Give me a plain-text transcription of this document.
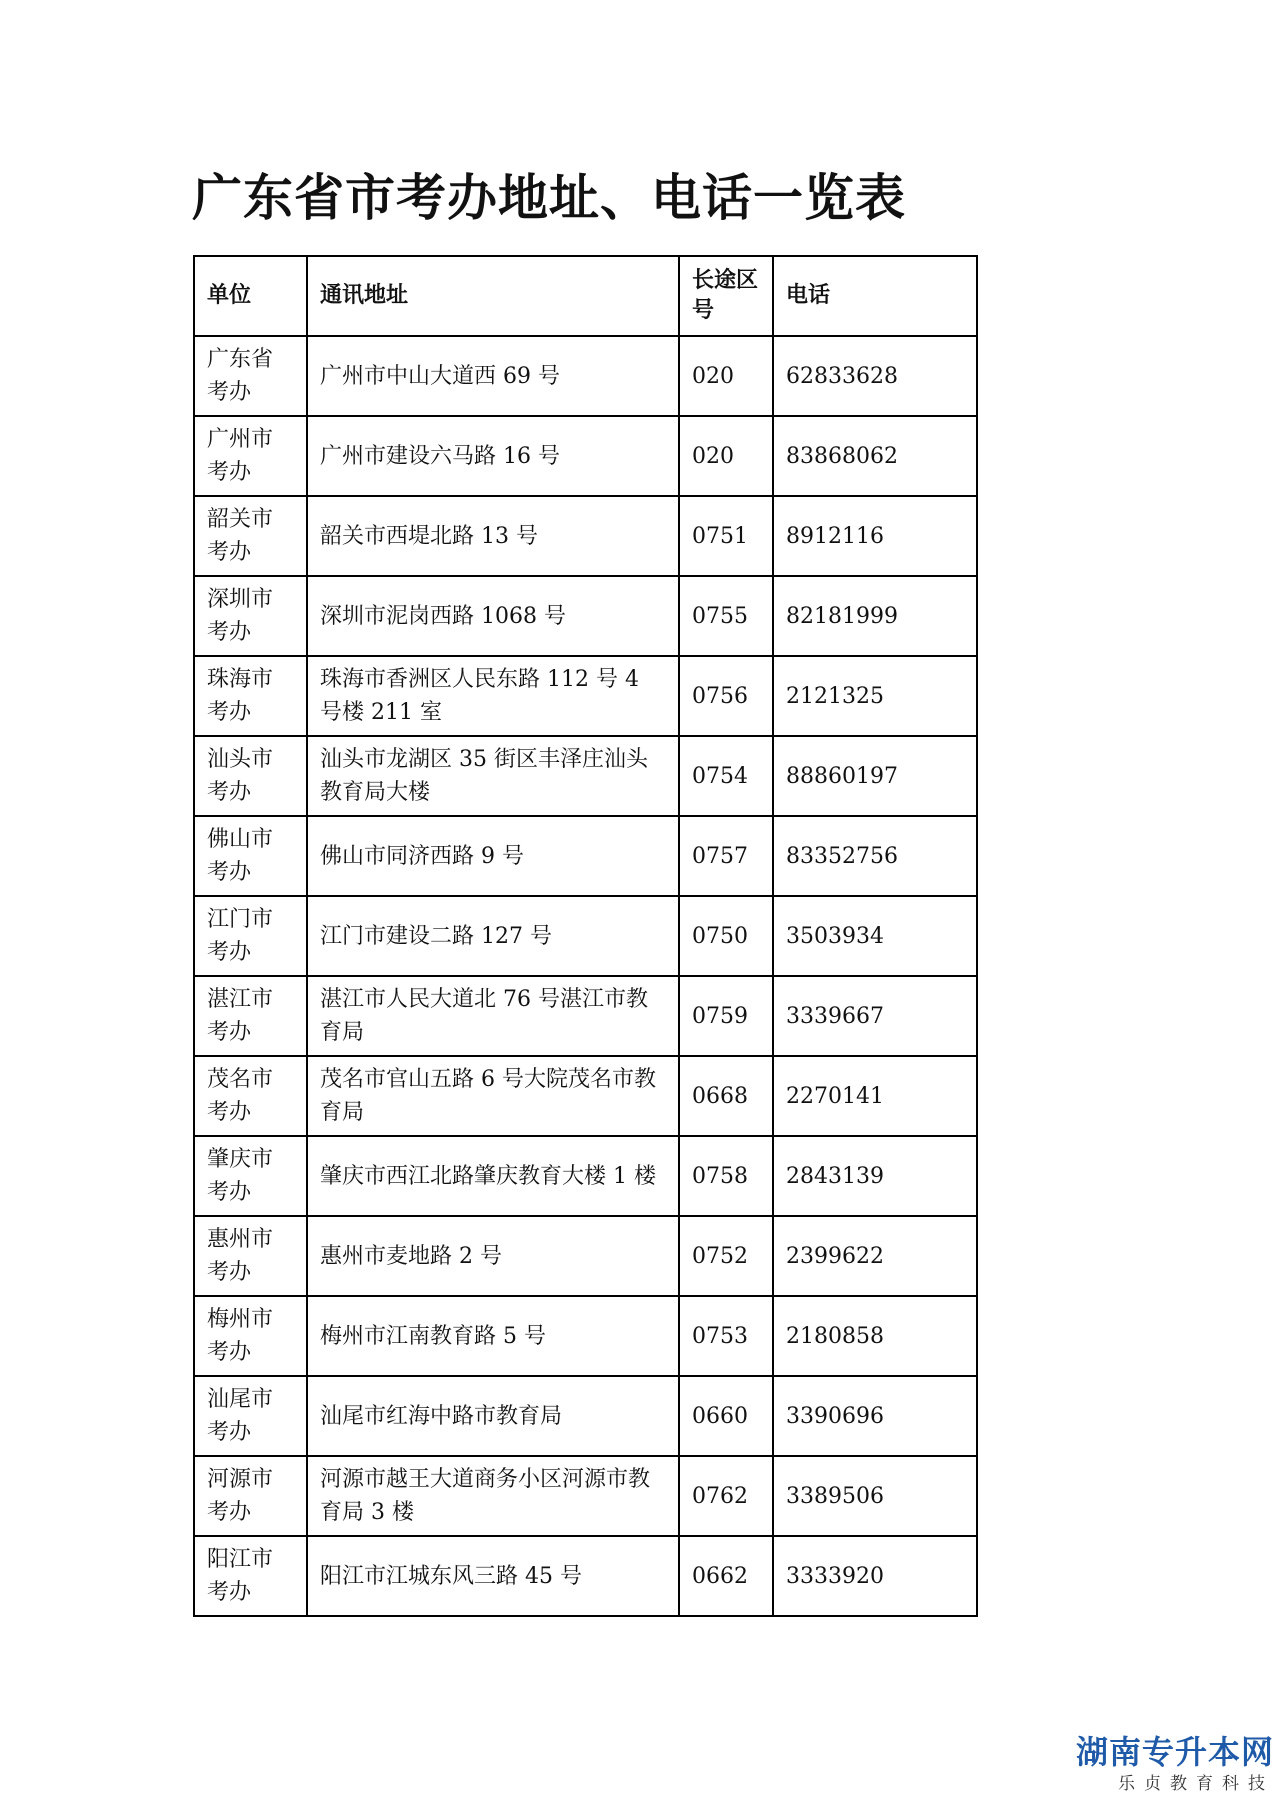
广东省市考办地址、电话一览表
单位	通讯地址	长途区号	电话
广东省考办	广州市中山大道西 69 号	020	62833628
广州市考办	广州市建设六马路 16 号	020	83868062
韶关市考办	韶关市西堤北路 13 号	0751	8912116
深圳市考办	深圳市泥岗西路 1068 号	0755	82181999
珠海市考办	珠海市香洲区人民东路 112 号 4 号楼 211 室	0756	2121325
汕头市考办	汕头市龙湖区 35 街区丰泽庄汕头教育局大楼	0754	88860197
佛山市考办	佛山市同济西路 9 号	0757	83352756
江门市考办	江门市建设二路 127 号	0750	3503934
湛江市考办	湛江市人民大道北 76 号湛江市教育局	0759	3339667
茂名市考办	茂名市官山五路 6 号大院茂名市教育局	0668	2270141
肇庆市考办	肇庆市西江北路肇庆教育大楼 1 楼	0758	2843139
惠州市考办	惠州市麦地路 2 号	0752	2399622
梅州市考办	梅州市江南教育路 5 号	0753	2180858
汕尾市考办	汕尾市红海中路市教育局	0660	3390696
河源市考办	河源市越王大道商务小区河源市教育局 3 楼	0762	3389506
阳江市考办	阳江市江城东风三路 45 号	0662	3333920
湖南专升本网
乐贞教育科技
